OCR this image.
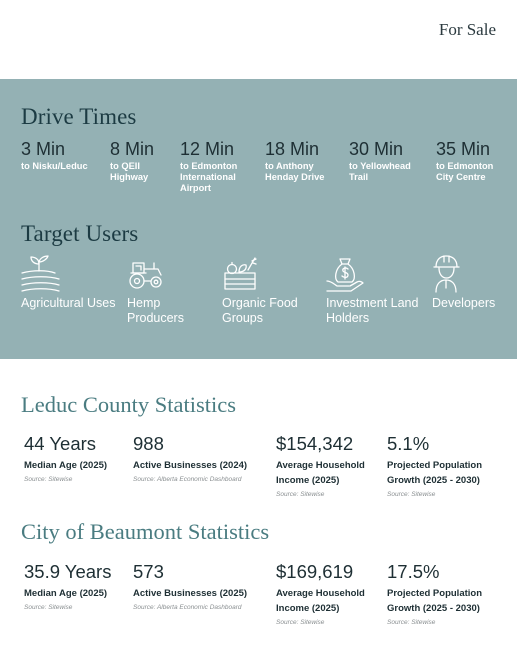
For Sale
Drive Times
3 Min
to Nisku/Leduc
8 Min
to QEII Highway
12 Min
to Edmonton International Airport
18 Min
to Anthony Henday Drive
30 Min
to Yellowhead Trail
35 Min
to Edmonton City Centre
Target Users
Agricultural Uses Hemp Producers
Organic Food Groups
Investment Land Holders
Developers
Leduc County Statistics
44 Years
Median Age (2025)
Source: Sitewise
988
Active Businesses (2024)
Source: Alberta Economic Dashboard
$154,342
Average Household Income (2025)
Source: Sitewise
5.1%
Projected Population Growth (2025 - 2030)
Source: Sitewise
City of Beaumont Statistics
35.9 Years
Median Age (2025)
Source: Sitewise
573
Active Businesses (2025)
Source: Alberta Economic Dashboard
$169,619
Average Household Income (2025)
Source: Sitewise
17.5%
Projected Population Growth (2025 - 2030)
Source: Sitewise
